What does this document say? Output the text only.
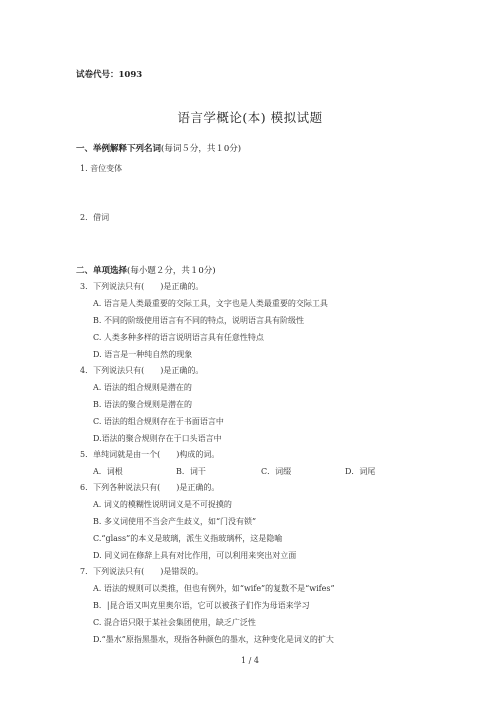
试卷代号：1093
语言学概论(本) 模拟试题
一、举例解释下列名词(每词５分，共１0分)
1. 音位变体
2．借词
二、单项选择(每小题２分，共１0分)
3．下列说法只有(　　)是正确的。
A. 语言是人类最重要的交际工具，文字也是人类最重要的交际工具
B. 不同的阶级使用语言有不同的特点，说明语言具有阶级性
C. 人类多种多样的语言说明语言具有任意性特点
D. 语言是一种纯自然的现象
4．下列说法只有(　　)是正确的。
A. 语法的组合规则是潜在的
B. 语法的聚合规则是潜在的
C. 语法的组合规则存在于书面语言中
D.语法的聚合规则存在于口头语言中
5．单纯词就是由一个(　　)构成的词。
A．词根	B．词干	C．词缀	D．词尾
6．下列各种说法只有(　　)是正确的。
A. 词义的模糊性说明词义是不可捉摸的
B. 多义词使用不当会产生歧义，如“门没有锁”
C.“glass”的本义是玻璃，派生义指玻璃杯，这是隐喻
D. 同义词在修辞上具有对比作用，可以利用来突出对立面
7．下列说法只有(　　)是错误的。
A. 语法的规则可以类推，但也有例外，如“wife”的复数不是“wifes”
B．|昆合语又叫克里奥尔语，它可以被孩子们作为母语来学习
C. 混合语只限于某社会集团使用，缺乏广泛性
D.“墨水”原指黑墨水，现指各种颜色的墨水，这种变化是词义的扩大
1 / 4
